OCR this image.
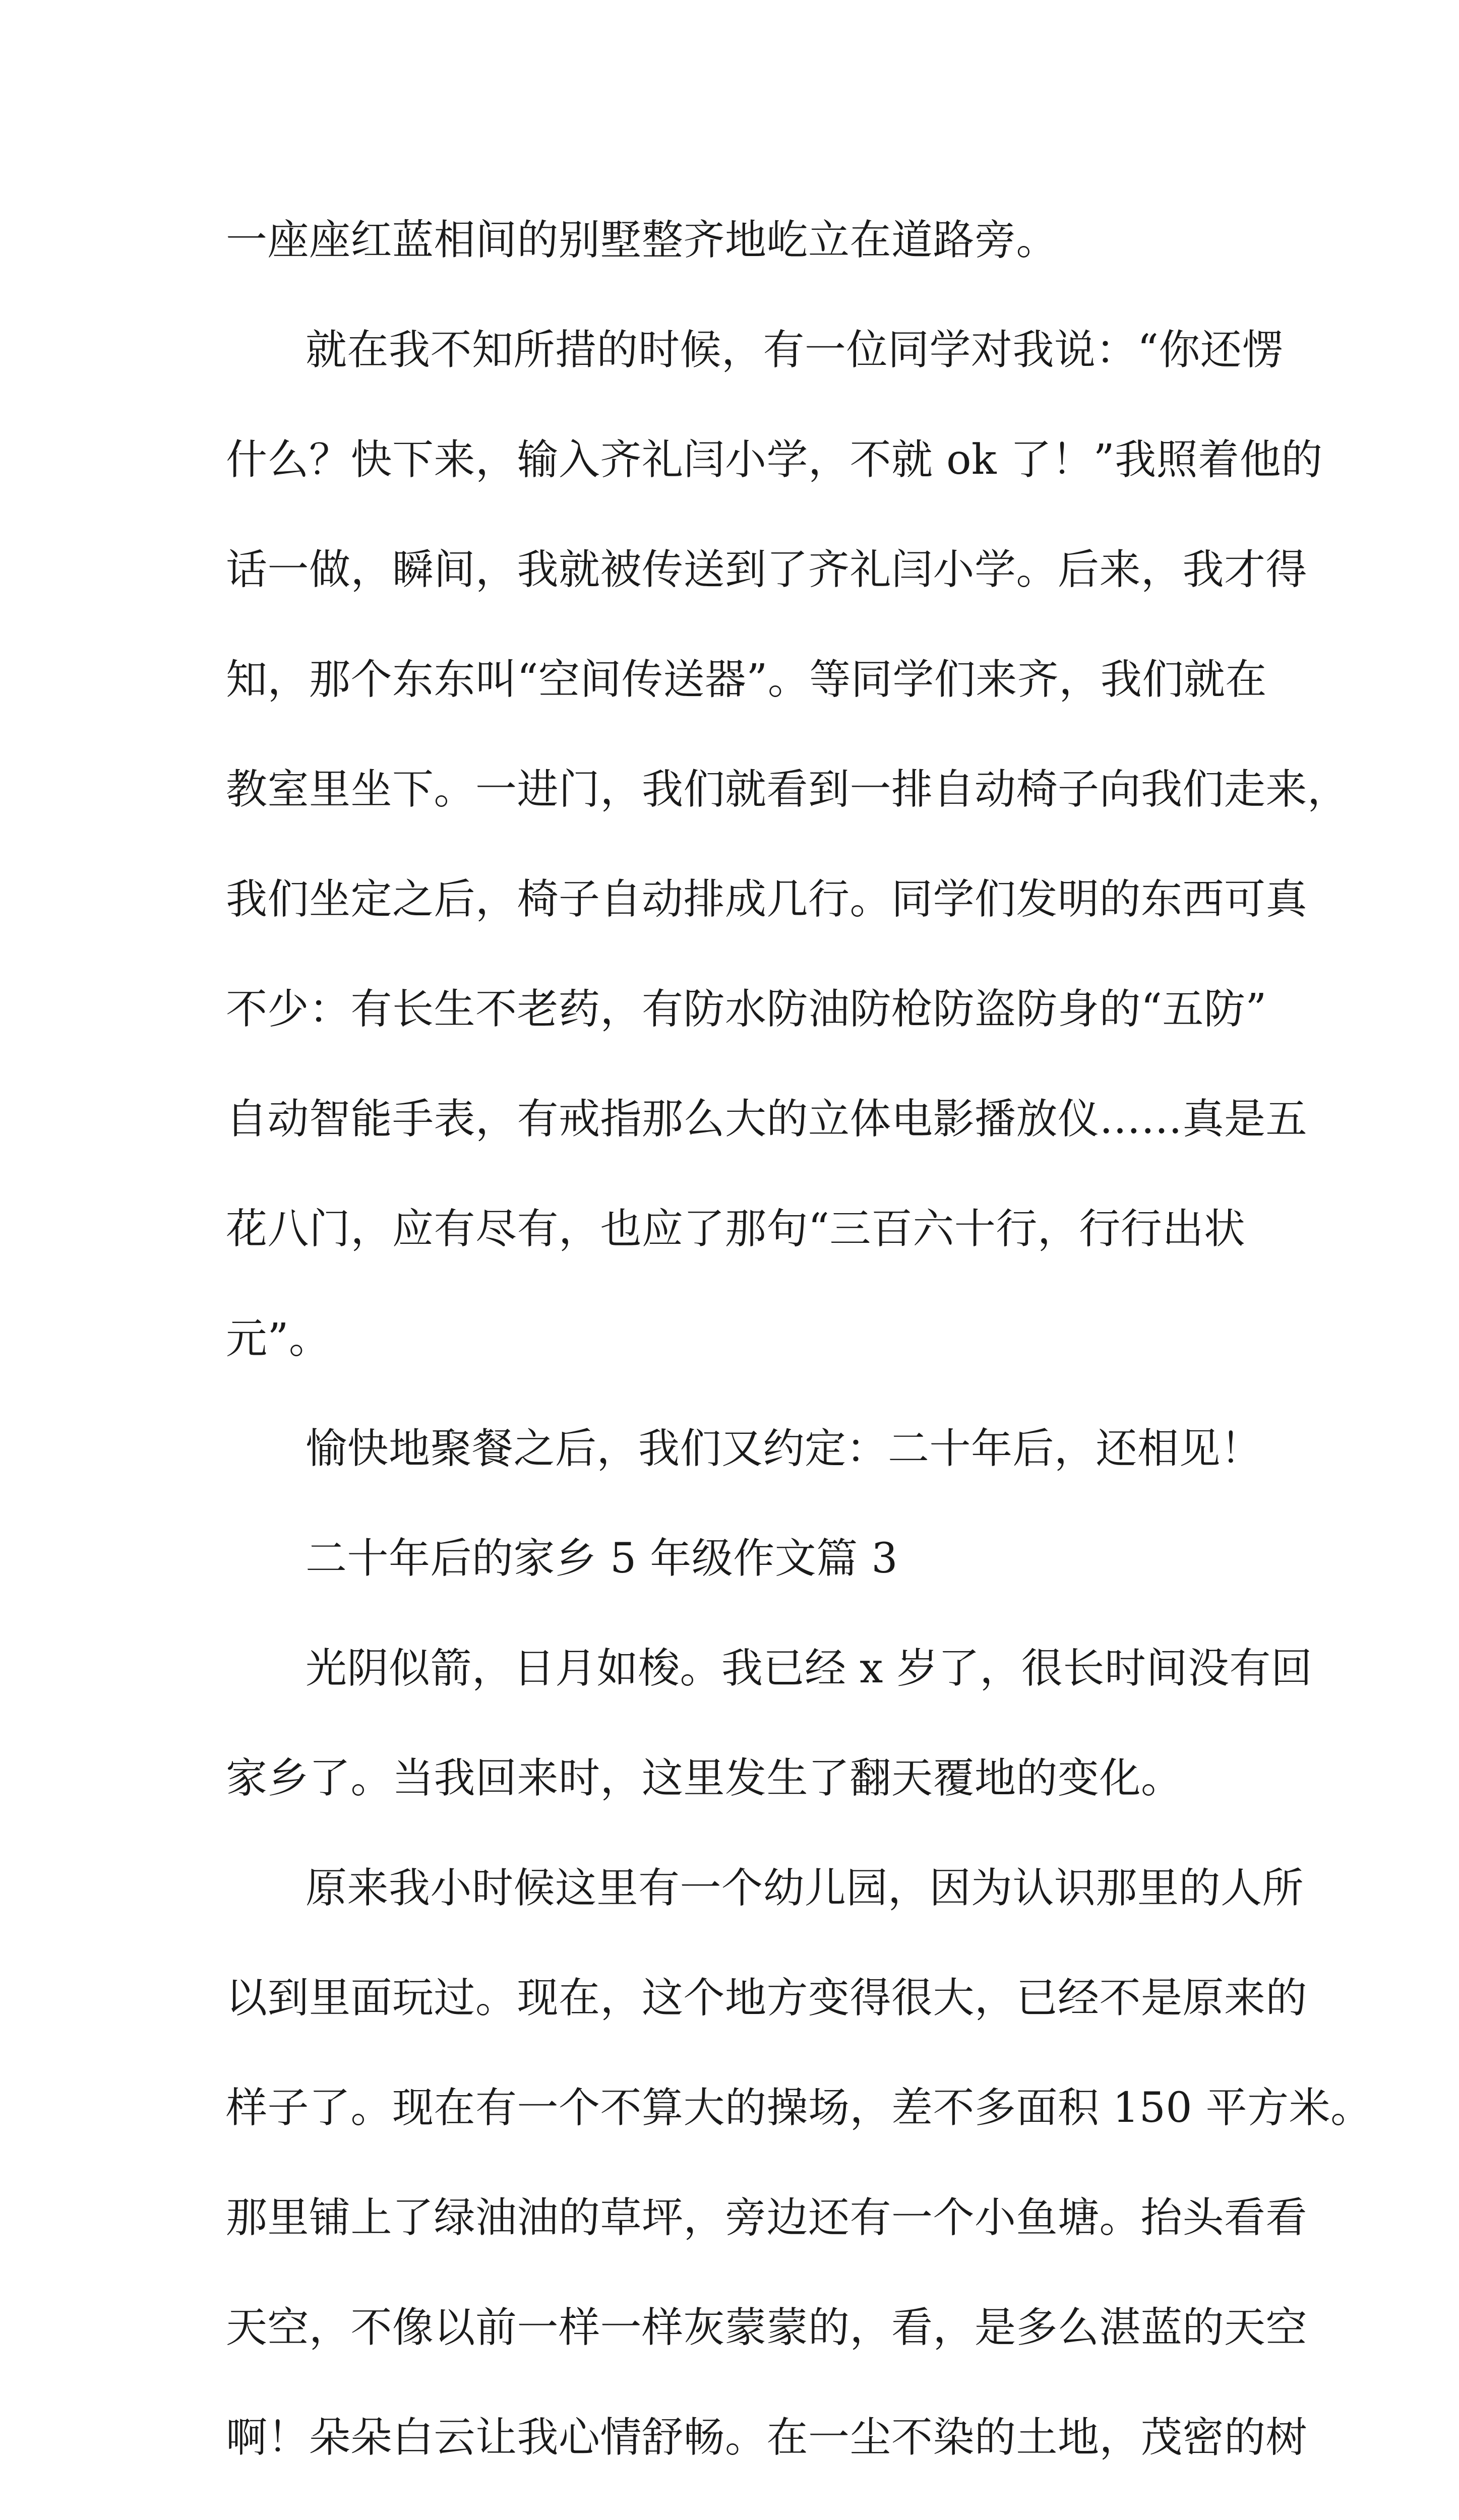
一座座红蓝相间的别墅整齐地屹立在道路旁。
就在我不知所措的时候，有一位同学对我说：“你还愣
什么？快下来，输入齐礼闫小学，不就 ok 了！”我照着他的
话一做，瞬间，我就被传送到了齐礼闫小学。后来，我才得
知，那个东东叫“空间传送器”。等同学们来齐，我们就在
教室里坐下。一进门，我们就看到一排自动椅子向我们走来，
我们坐定之后，椅子自动排成几行。同学们发明的东西可真
不少：有长生不老药，有防水防油防枪防盗防身的“五防”
自动智能手表，有戒指那么大的立体电影播放仪……真是五
花八门，应有尽有，也应了那句“三百六十行，行行出状
元”。
愉快地聚餐之后，我们又约定：二十年后，还相见！
二十年后的家乡 5 年级作文篇 3
光阴似箭，日月如梭。我已经 x 岁了，很长时间没有回
家乡了。当我回来时，这里发生了翻天覆地的变化。
原来我小时候这里有一个幼儿园，因为认识那里的人所
以到里面玩过。现在，这个地方变得很大，已经不是原来的
样子了。现在有一个不算大的操场，差不多面积 150 平方米。
那里铺上了绿油油的草坪，旁边还有一个小鱼塘。抬头看看
天空，不像以前一样一样灰蒙蒙的，看，是多么湛蓝的天空
啊！朵朵白云让我心情舒畅。在一尘不染的土地，茂密的树
